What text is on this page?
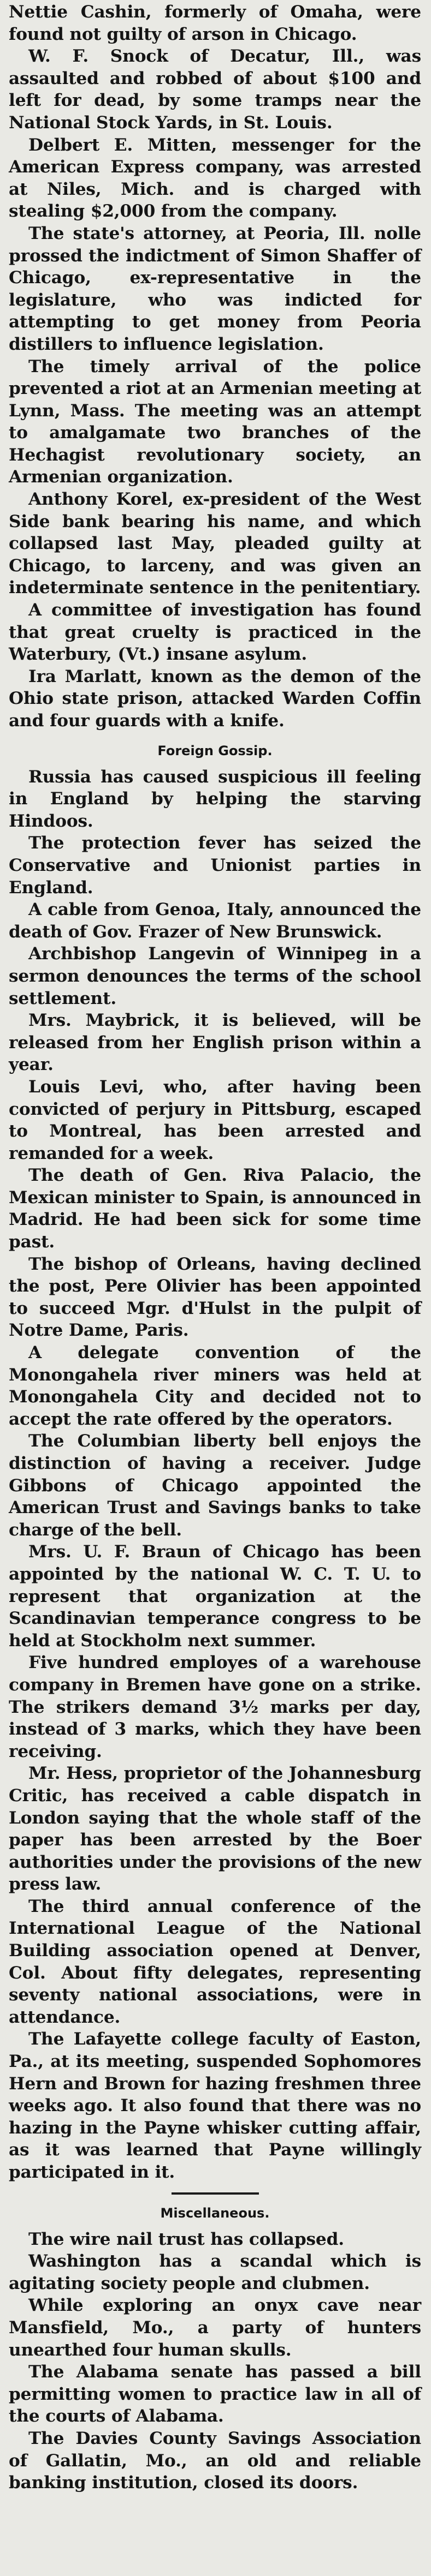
Nettie Cashin, formerly of Omaha, were found not guilty of arson in Chicago.

W. F. Snock of Decatur, Ill., was assaulted and robbed of about $100 and left for dead, by some tramps near the National Stock Yards, in St. Louis.

Delbert E. Mitten, messenger for the American Express company, was arrested at Niles, Mich. and is charged with stealing $2,000 from the company.

The state's attorney, at Peoria, Ill. nolle prossed the indictment of Simon Shaffer of Chicago, ex-representative in the legislature, who was indicted for attempting to get money from Peoria distillers to influence legislation.

The timely arrival of the police prevented a riot at an Armenian meeting at Lynn, Mass. The meeting was an attempt to amalgamate two branches of the Hechagist revolutionary society, an Armenian organization.

Anthony Korel, ex-president of the West Side bank bearing his name, and which collapsed last May, pleaded guilty at Chicago, to larceny, and was given an indeterminate sentence in the penitentiary.

A committee of investigation has found that great cruelty is practiced in the Waterbury, (Vt.) insane asylum.

Ira Marlatt, known as the demon of the Ohio state prison, attacked Warden Coffin and four guards with a knife.

Foreign Gossip.

Russia has caused suspicious ill feeling in England by helping the starving Hindoos.

The protection fever has seized the Conservative and Unionist parties in England.

A cable from Genoa, Italy, announced the death of Gov. Frazer of New Brunswick.

Archbishop Langevin of Winnipeg in a sermon denounces the terms of the school settlement.

Mrs. Maybrick, it is believed, will be released from her English prison within a year.

Louis Levi, who, after having been convicted of perjury in Pittsburg, escaped to Montreal, has been arrested and remanded for a week.

The death of Gen. Riva Palacio, the Mexican minister to Spain, is announced in Madrid. He had been sick for some time past.

The bishop of Orleans, having declined the post, Pere Olivier has been appointed to succeed Mgr. d'Hulst in the pulpit of Notre Dame, Paris.

A delegate convention of the Monongahela river miners was held at Monongahela City and decided not to accept the rate offered by the operators.

The Columbian liberty bell enjoys the distinction of having a receiver. Judge Gibbons of Chicago appointed the American Trust and Savings banks to take charge of the bell.

Mrs. U. F. Braun of Chicago has been appointed by the national W. C. T. U. to represent that organization at the Scandinavian temperance congress to be held at Stockholm next summer.

Five hundred employes of a warehouse company in Bremen have gone on a strike. The strikers demand 3½ marks per day, instead of 3 marks, which they have been receiving.

Mr. Hess, proprietor of the Johannesburg Critic, has received a cable dispatch in London saying that the whole staff of the paper has been arrested by the Boer authorities under the provisions of the new press law.

The third annual conference of the International League of the National Building association opened at Denver, Col. About fifty delegates, representing seventy national associations, were in attendance.

The Lafayette college faculty of Easton, Pa., at its meeting, suspended Sophomores Hern and Brown for hazing freshmen three weeks ago. It also found that there was no hazing in the Payne whisker cutting affair, as it was learned that Payne willingly participated in it.

Miscellaneous.

The wire nail trust has collapsed.

Washington has a scandal which is agitating society people and clubmen.

While exploring an onyx cave near Mansfield, Mo., a party of hunters unearthed four human skulls.

The Alabama senate has passed a bill permitting women to practice law in all of the courts of Alabama.

The Davies County Savings Association of Gallatin, Mo., an old and reliable banking institution, closed its doors.
